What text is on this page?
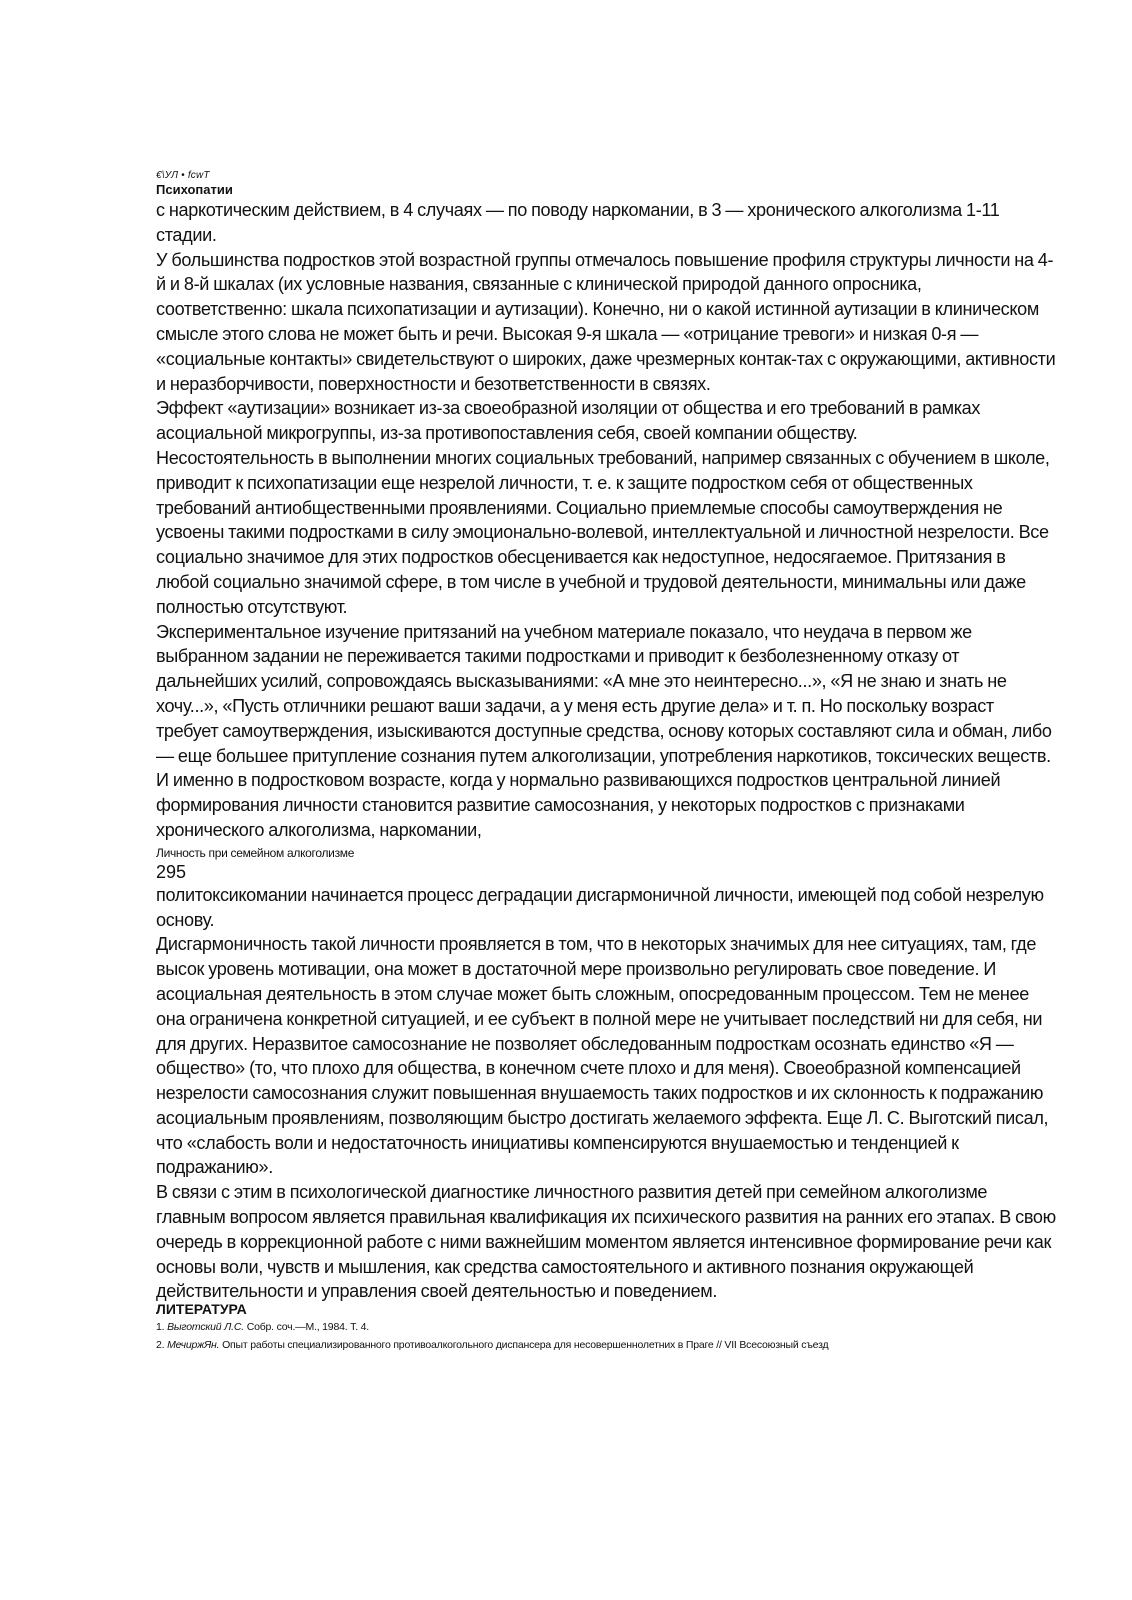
€\УЛ • fcwT
Психопатии

с наркотическим действием, в 4 случаях — по поводу наркомании, в 3 — хронического алкоголизма 1-11 стадии.

У большинства подростков этой возрастной группы отмечалось повышение профиля структуры личности на 4-й и 8-й шкалах (их условные названия, связанные с клинической природой данного опросника, соответственно: шкала психопатизации и аутизации). Конечно, ни о какой истинной аутизации в клиническом смысле этого слова не может быть и речи. Высокая 9-я шкала — «отрицание тревоги» и низкая 0-я — «социальные контакты» свидетельствуют о широких, даже чрезмерных контак-тах с окружающими, активности и неразборчивости, поверхностности и безответственности в связях.

Эффект «аутизации» возникает из-за своеобразной изоляции от общества и его требований в рамках асоциальной микрогруппы, из-за противопоставления себя, своей компании обществу.

Несостоятельность в выполнении многих социальных требований, например связанных с обучением в школе, приводит к психопатизации еще незрелой личности, т. е. к защите подростком себя от общественных требований антиобщественными проявлениями. Социально приемлемые способы самоутверждения не усвоены такими подростками в силу эмоционально-волевой, интеллектуальной и личностной незрелости. Все социально значимое для этих подростков обесценивается как недоступное, недосягаемое. Притязания в любой социально значимой сфере, в том числе в учебной и трудовой деятельности, минимальны или даже полностью отсутствуют.

Экспериментальное изучение притязаний на учебном материале показало, что неудача в первом же выбранном задании не переживается такими подростками и приводит к безболезненному отказу от дальнейших усилий, сопровождаясь высказываниями: «А мне это неинтересно...», «Я не знаю и знать не хочу...», «Пусть отличники решают ваши задачи, а у меня есть другие дела» и т. п. Но поскольку возраст требует самоутверждения, изыскиваются доступные средства, основу которых составляют сила и обман, либо — еще большее притупление сознания путем алкоголизации, употребления наркотиков, токсических веществ.

И именно в подростковом возрасте, когда у нормально развивающихся подростков центральной линией формирования личности становится развитие самосознания, у некоторых подростков с признаками хронического алкоголизма, наркомании,

Личность при семейном алкоголизме
295

политоксикомании начинается процесс деградации дисгармоничной личности, имеющей под собой незрелую основу.

Дисгармоничность такой личности проявляется в том, что в некоторых значимых для нее ситуациях, там, где высок уровень мотивации, она может в достаточной мере произвольно регулировать свое поведение. И асоциальная деятельность в этом случае может быть сложным, опосредованным процессом. Тем не менее она ограничена конкретной ситуацией, и ее субъект в полной мере не учитывает последствий ни для себя, ни для других. Неразвитое самосознание не позволяет обследованным подросткам осознать единство «Я — общество» (то, что плохо для общества, в конечном счете плохо и для меня). Своеобразной компенсацией незрелости самосознания служит повышенная внушаемость таких подростков и их склонность к подражанию асоциальным проявлениям, позволяющим быстро достигать желаемого эффекта. Еще Л. С. Выготский писал, что «слабость воли и недостаточность инициативы компенсируются внушаемостью и тенденцией к подражанию».

В связи с этим в психологической диагностике личностного развития детей при семейном алкоголизме главным вопросом является правильная квалификация их психического развития на ранних его этапах. В свою очередь в коррекционной работе с ними важнейшим моментом является интенсивное формирование речи как основы воли, чувств и мышления, как средства самостоятельного и активного познания окружающей действительности и управления своей деятельностью и поведением.

ЛИТЕРАТУРА
1. Выготский Л.С. Собр. соч.—М., 1984. Т. 4.
2. МечиржЯн. Опыт работы специализированного противоалкогольного диспансера для несовершеннолетних в Праге // VII Всесоюзный съезд
